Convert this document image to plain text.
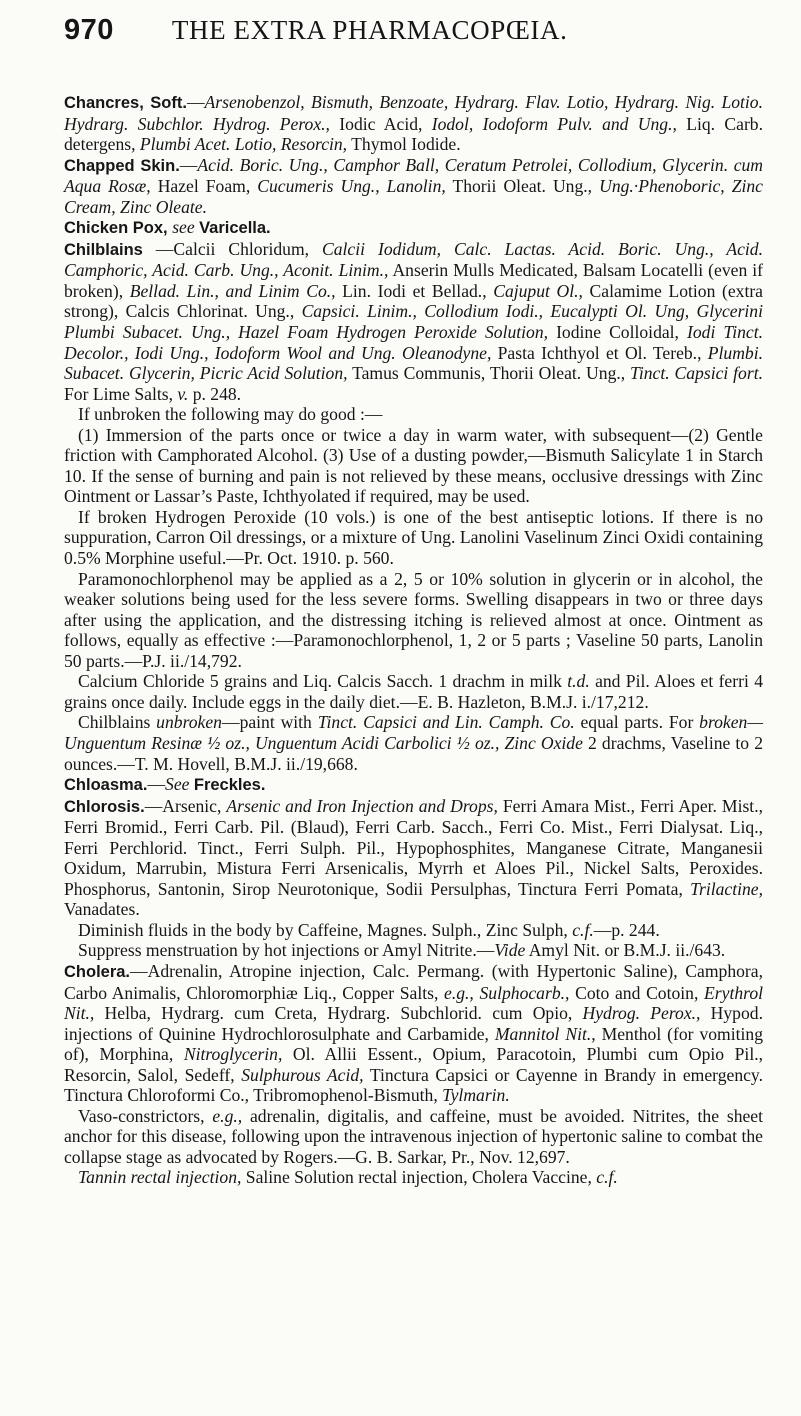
970 THE EXTRA PHARMACOPŒIA.

Chancres, Soft.—Arsenobenzol, Bismuth, Benzoate, Hydrarg. Flav. Lotio, Hydrarg. Nig. Lotio. Hydrarg. Subchlor. Hydrog. Perox., Iodic Acid, Iodol, Iodoform Pulv. and Ung., Liq. Carb. detergens, Plumbi Acet. Lotio, Resorcin, Thymol Iodide.

Chapped Skin.—Acid. Boric. Ung., Camphor Ball, Ceratum Petrolei, Collodium, Glycerin. cum Aqua Rosæ, Hazel Foam, Cucumeris Ung., Lanolin, Thorii Oleat. Ung., Ung.·Phenoboric, Zinc Cream, Zinc Oleate.

Chicken Pox, see Varicella.

Chilblains —Calcii Chloridum, Calcii Iodidum, Calc. Lactas. Acid. Boric. Ung., Acid. Camphoric, Acid. Carb. Ung., Aconit. Linim., Anserin Mulls Medicated, Balsam Locatelli (even if broken), Bellad. Lin., and Linim Co., Lin. Iodi et Bellad., Cajuput Ol., Calamime Lotion (extra strong), Calcis Chlorinat. Ung., Capsici. Linim., Collodium Iodi., Eucalypti Ol. Ung, Glycerini Plumbi Subacet. Ung., Hazel Foam Hydrogen Peroxide Solution, Iodine Colloidal, Iodi Tinct. Decolor., Iodi Ung., Iodoform Wool and Ung. Oleanodyne, Pasta Ichthyol et Ol. Tereb., Plumbi. Subacet. Glycerin, Picric Acid Solution, Tamus Communis, Thorii Oleat. Ung., Tinct. Capsici fort. For Lime Salts, v. p. 248.

If unbroken the following may do good :—

(1) Immersion of the parts once or twice a day in warm water, with subsequent—(2) Gentle friction with Camphorated Alcohol. (3) Use of a dusting powder,—Bismuth Salicylate 1 in Starch 10. If the sense of burning and pain is not relieved by these means, occlusive dressings with Zinc Ointment or Lassar’s Paste, Ichthyolated if required, may be used.

If broken Hydrogen Peroxide (10 vols.) is one of the best antiseptic lotions. If there is no suppuration, Carron Oil dressings, or a mixture of Ung. Lanolini Vaselinum Zinci Oxidi containing 0.5% Morphine useful.—Pr. Oct. 1910. p. 560.

Paramonochlorphenol may be applied as a 2, 5 or 10% solution in glycerin or in alcohol, the weaker solutions being used for the less severe forms. Swelling disappears in two or three days after using the application, and the distressing itching is relieved almost at once. Ointment as follows, equally as effective :—Paramonochlorphenol, 1, 2 or 5 parts ; Vaseline 50 parts, Lanolin 50 parts.—P.J. ii./14,792.

Calcium Chloride 5 grains and Liq. Calcis Sacch. 1 drachm in milk t.d. and Pil. Aloes et ferri 4 grains once daily. Include eggs in the daily diet.—E. B. Hazleton, B.M.J. i./17,212.

Chilblains unbroken—paint with Tinct. Capsici and Lin. Camph. Co. equal parts. For broken—Unguentum Resinæ ½ oz., Unguentum Acidi Carbolici ½ oz., Zinc Oxide 2 drachms, Vaseline to 2 ounces.—T. M. Hovell, B.M.J. ii./19,668.

Chloasma.—See Freckles.

Chlorosis.—Arsenic, Arsenic and Iron Injection and Drops, Ferri Amara Mist., Ferri Aper. Mist., Ferri Bromid., Ferri Carb. Pil. (Blaud), Ferri Carb. Sacch., Ferri Co. Mist., Ferri Dialysat. Liq., Ferri Perchlorid. Tinct., Ferri Sulph. Pil., Hypophosphites, Manganese Citrate, Manganesii Oxidum, Marrubin, Mistura Ferri Arsenicalis, Myrrh et Aloes Pil., Nickel Salts, Peroxides. Phosphorus, Santonin, Sirop Neurotonique, Sodii Persulphas, Tinctura Ferri Pomata, Trilactine, Vanadates.

Diminish fluids in the body by Caffeine, Magnes. Sulph., Zinc Sulph, c.f.—p. 244.

Suppress menstruation by hot injections or Amyl Nitrite.—Vide Amyl Nit. or B.M.J. ii./643.

Cholera.—Adrenalin, Atropine injection, Calc. Permang. (with Hypertonic Saline), Camphora, Carbo Animalis, Chloromorphiæ Liq., Copper Salts, e.g., Sulphocarb., Coto and Cotoin, Erythrol Nit., Helba, Hydrarg. cum Creta, Hydrarg. Subchlorid. cum Opio, Hydrog. Perox., Hypod. injections of Quinine Hydrochlorosulphate and Carbamide, Mannitol Nit., Menthol (for vomiting of), Morphina, Nitroglycerin, Ol. Allii Essent., Opium, Paracotoin, Plumbi cum Opio Pil., Resorcin, Salol, Sedeff, Sulphurous Acid, Tinctura Capsici or Cayenne in Brandy in emergency. Tinctura Chloroformi Co., Tribromophenol-Bismuth, Tylmarin.

Vaso-constrictors, e.g., adrenalin, digitalis, and caffeine, must be avoided. Nitrites, the sheet anchor for this disease, following upon the intravenous injection of hypertonic saline to combat the collapse stage as advocated by Rogers.—G. B. Sarkar, Pr., Nov. 12,697.

Tannin rectal injection, Saline Solution rectal injection, Cholera Vaccine, c.f.
